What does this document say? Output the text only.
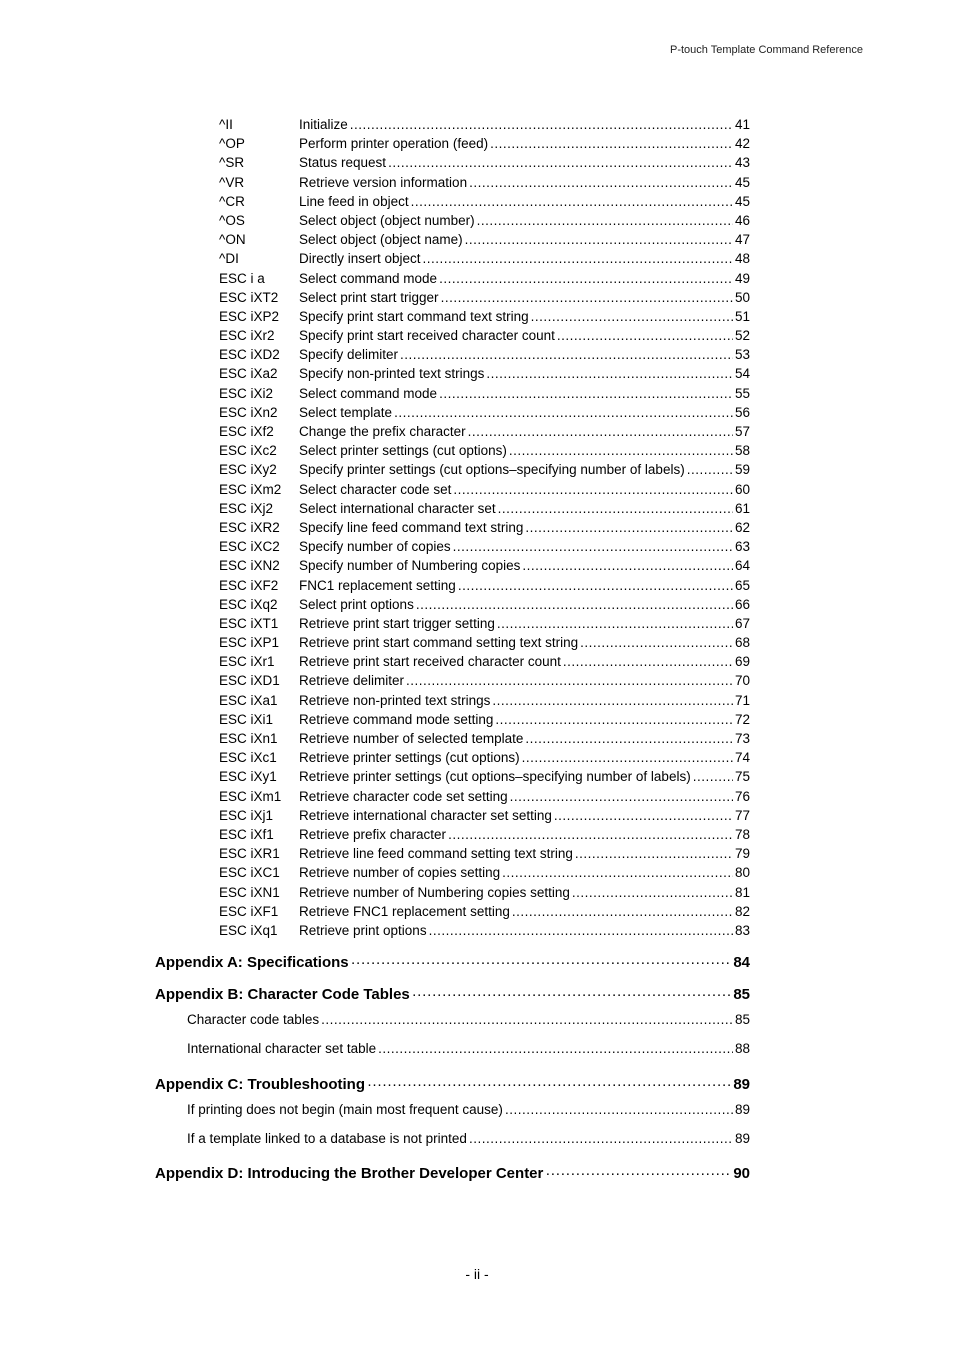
P-touch Template Command Reference
^II	Initialize .....	41
^OP	Perform printer operation (feed) .....	42
^SR	Status request .....	43
^VR	Retrieve version information .....	45
^CR	Line feed in object .....	45
^OS	Select object (object number) .....	46
^ON	Select object (object name) .....	47
^DI	Directly insert object .....	48
ESC i a	Select command mode .....	49
ESC iXT2	Select print start trigger .....	50
ESC iXP2	Specify print start command text string .....	51
ESC iXr2	Specify print start received character count .....	52
ESC iXD2	Specify delimiter .....	53
ESC iXa2	Specify non-printed text strings .....	54
ESC iXi2	Select command mode .....	55
ESC iXn2	Select template .....	56
ESC iXf2	Change the prefix character .....	57
ESC iXc2	Select printer settings (cut options) .....	58
ESC iXy2	Specify printer settings (cut options–specifying number of labels) .....	59
ESC iXm2	Select character code set .....	60
ESC iXj2	Select international character set .....	61
ESC iXR2	Specify line feed command text string .....	62
ESC iXC2	Specify number of copies .....	63
ESC iXN2	Specify number of Numbering copies .....	64
ESC iXF2	FNC1 replacement setting .....	65
ESC iXq2	Select print options .....	66
ESC iXT1	Retrieve print start trigger setting .....	67
ESC iXP1	Retrieve print start command setting text string .....	68
ESC iXr1	Retrieve print start received character count .....	69
ESC iXD1	Retrieve delimiter .....	70
ESC iXa1	Retrieve non-printed text strings .....	71
ESC iXi1	Retrieve command mode setting .....	72
ESC iXn1	Retrieve number of selected template .....	73
ESC iXc1	Retrieve printer settings (cut options) .....	74
ESC iXy1	Retrieve printer settings (cut options–specifying number of labels) .....	75
ESC iXm1	Retrieve character code set setting .....	76
ESC iXj1	Retrieve international character set setting .....	77
ESC iXf1	Retrieve prefix character .....	78
ESC iXR1	Retrieve line feed command setting text string .....	79
ESC iXC1	Retrieve number of copies setting .....	80
ESC iXN1	Retrieve number of Numbering copies setting .....	81
ESC iXF1	Retrieve FNC1 replacement setting .....	82
ESC iXq1	Retrieve print options .....	83
Appendix A: Specifications ·····	84
Appendix B: Character Code Tables ·····	85
Character code tables .....	85
International character set table .....	88
Appendix C: Troubleshooting ·····	89
If printing does not begin (main most frequent cause) .....	89
If a template linked to a database is not printed .....	89
Appendix D: Introducing the Brother Developer Center ·····	90
- ii -
